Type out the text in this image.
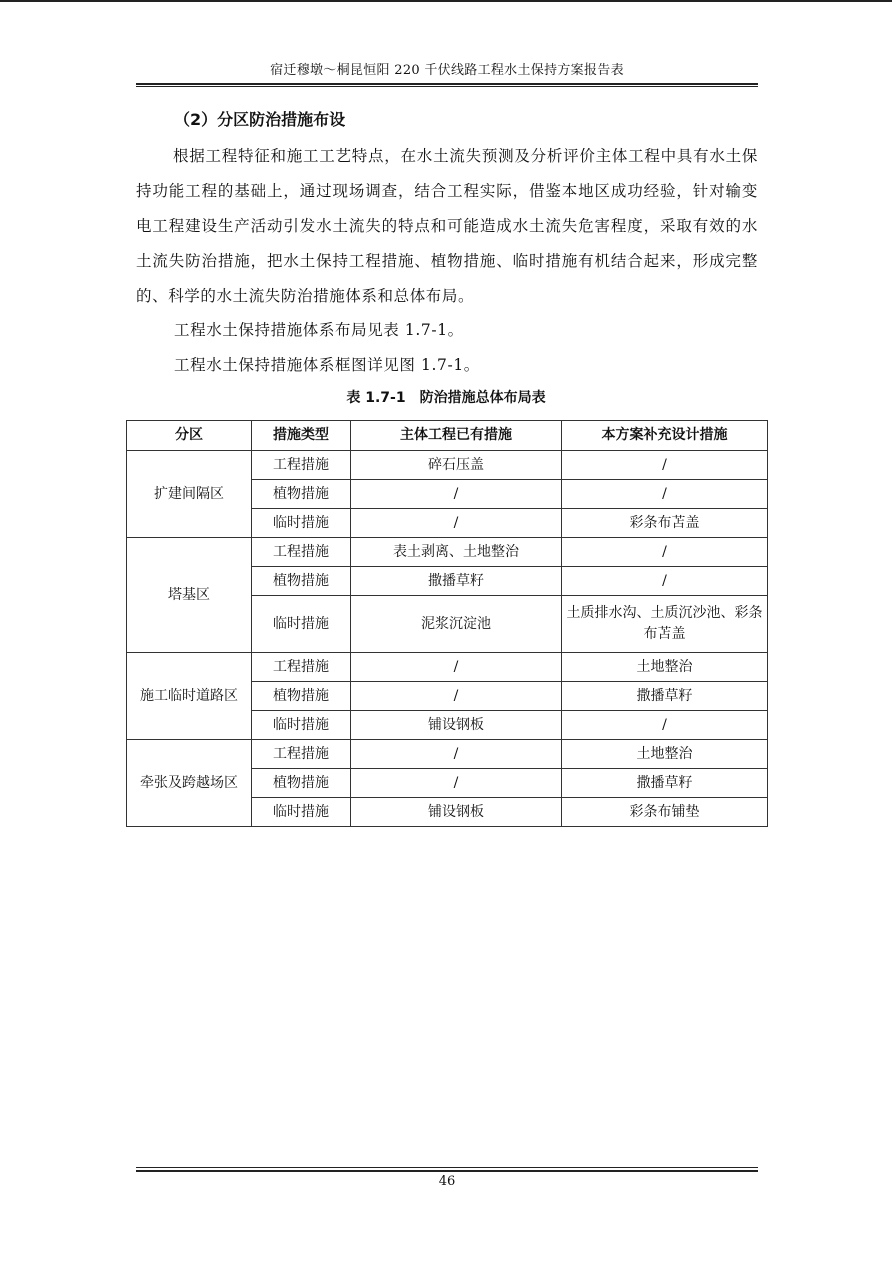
宿迁穆墩～桐昆恒阳 220 千伏线路工程水土保持方案报告表
（2）分区防治措施布设
根据工程特征和施工工艺特点，在水土流失预测及分析评价主体工程中具有水土保持功能工程的基础上，通过现场调查，结合工程实际，借鉴本地区成功经验，针对输变电工程建设生产活动引发水土流失的特点和可能造成水土流失危害程度，采取有效的水土流失防治措施，把水土保持工程措施、植物措施、临时措施有机结合起来，形成完整的、科学的水土流失防治措施体系和总体布局。
工程水土保持措施体系布局见表 1.7-1。
工程水土保持措施体系框图详见图 1.7-1。
表 1.7-1　防治措施总体布局表
分区	措施类型	主体工程已有措施	本方案补充设计措施
扩建间隔区	工程措施	碎石压盖	/
	植物措施	/	/
	临时措施	/	彩条布苫盖
塔基区	工程措施	表土剥离、土地整治	/
	植物措施	撒播草籽	/
	临时措施	泥浆沉淀池	土质排水沟、土质沉沙池、彩条布苫盖
施工临时道路区	工程措施	/	土地整治
	植物措施	/	撒播草籽
	临时措施	铺设钢板	/
牵张及跨越场区	工程措施	/	土地整治
	植物措施	/	撒播草籽
	临时措施	铺设钢板	彩条布铺垫
46
